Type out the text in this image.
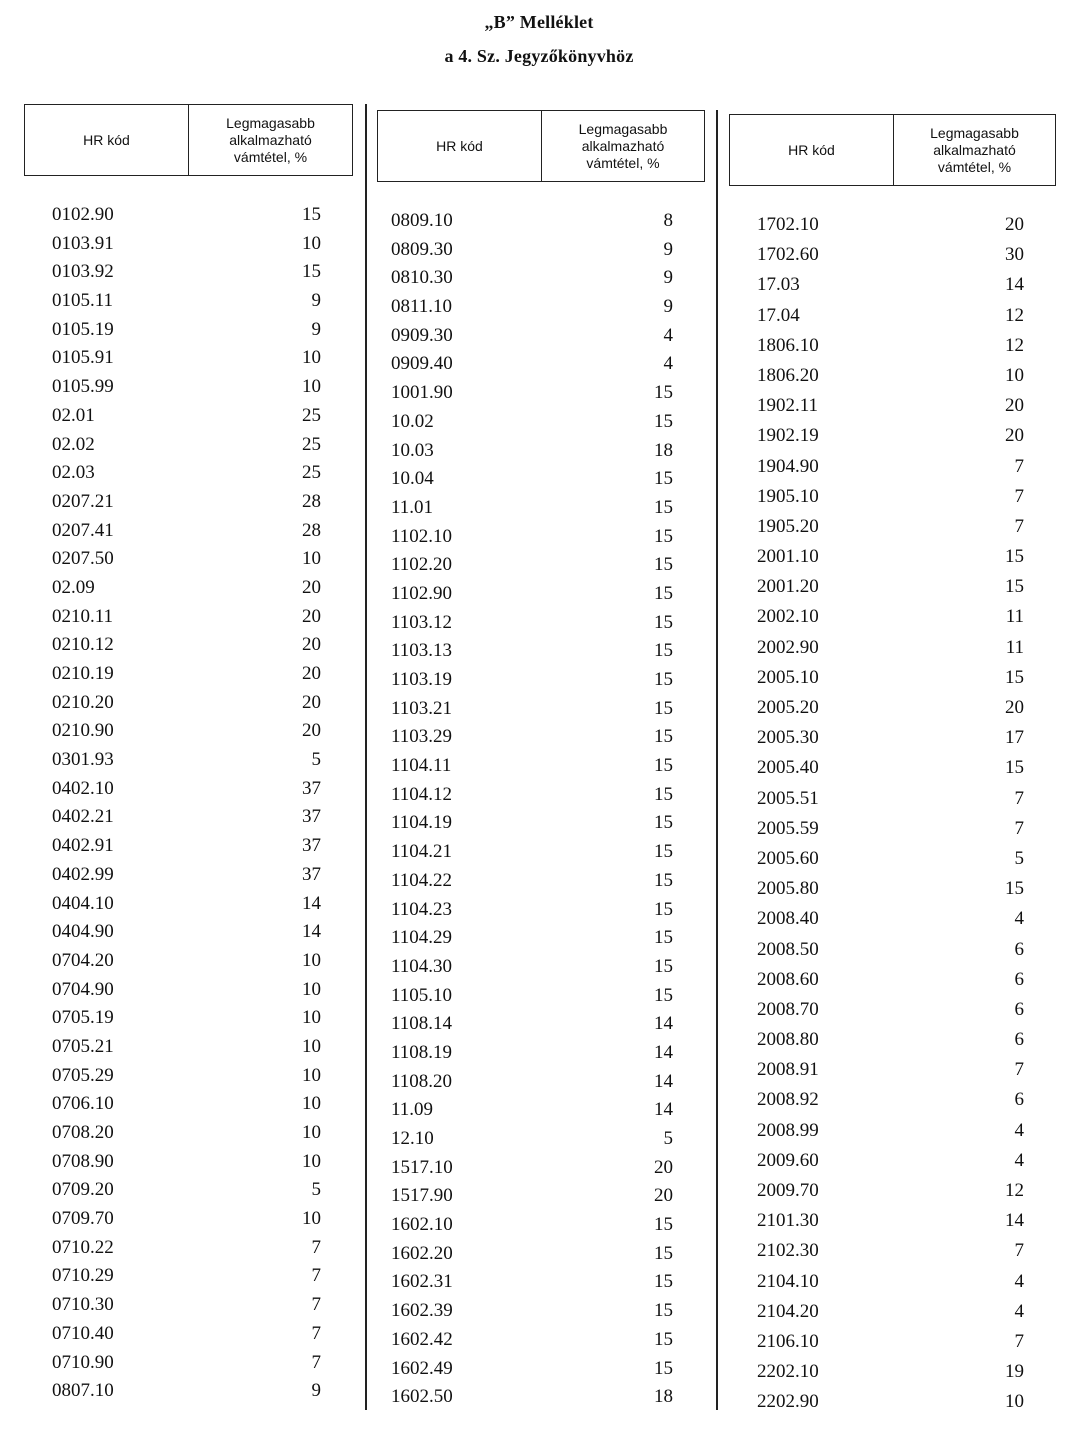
„B” Melléklet
a 4. Sz. Jegyzőkönyvhöz
HR kód
Legmagasabb
alkalmazható
vámtétel, %
0102.90	15
0103.91	10
0103.92	15
0105.11	9
0105.19	9
0105.91	10
0105.99	10
02.01	25
02.02	25
02.03	25
0207.21	28
0207.41	28
0207.50	10
02.09	20
0210.11	20
0210.12	20
0210.19	20
0210.20	20
0210.90	20
0301.93	5
0402.10	37
0402.21	37
0402.91	37
0402.99	37
0404.10	14
0404.90	14
0704.20	10
0704.90	10
0705.19	10
0705.21	10
0705.29	10
0706.10	10
0708.20	10
0708.90	10
0709.20	5
0709.70	10
0710.22	7
0710.29	7
0710.30	7
0710.40	7
0710.90	7
0807.10	9
HR kód
Legmagasabb
alkalmazható
vámtétel, %
0809.10	8
0809.30	9
0810.30	9
0811.10	9
0909.30	4
0909.40	4
1001.90	15
10.02	15
10.03	18
10.04	15
11.01	15
1102.10	15
1102.20	15
1102.90	15
1103.12	15
1103.13	15
1103.19	15
1103.21	15
1103.29	15
1104.11	15
1104.12	15
1104.19	15
1104.21	15
1104.22	15
1104.23	15
1104.29	15
1104.30	15
1105.10	15
1108.14	14
1108.19	14
1108.20	14
11.09	14
12.10	5
1517.10	20
1517.90	20
1602.10	15
1602.20	15
1602.31	15
1602.39	15
1602.42	15
1602.49	15
1602.50	18
HR kód
Legmagasabb
alkalmazható
vámtétel, %
1702.10	20
1702.60	30
17.03	14
17.04	12
1806.10	12
1806.20	10
1902.11	20
1902.19	20
1904.90	7
1905.10	7
1905.20	7
2001.10	15
2001.20	15
2002.10	11
2002.90	11
2005.10	15
2005.20	20
2005.30	17
2005.40	15
2005.51	7
2005.59	7
2005.60	5
2005.80	15
2008.40	4
2008.50	6
2008.60	6
2008.70	6
2008.80	6
2008.91	7
2008.92	6
2008.99	4
2009.60	4
2009.70	12
2101.30	14
2102.30	7
2104.10	4
2104.20	4
2106.10	7
2202.10	19
2202.90	10
